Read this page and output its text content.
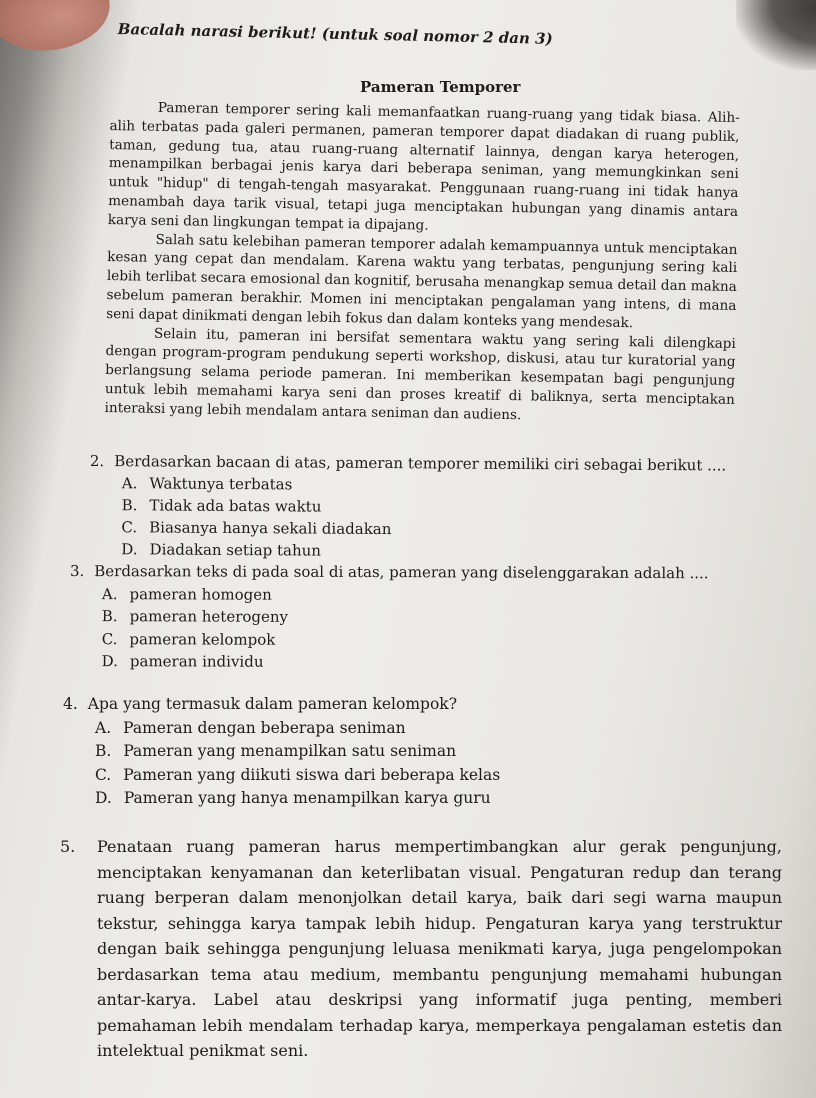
Bacalah narasi berikut! (untuk soal nomor 2 dan 3)
Pameran Temporer

Pameran temporer sering kali memanfaatkan ruang-ruang yang tidak biasa. Alih-alih terbatas pada galeri permanen, pameran temporer dapat diadakan di ruang publik, taman, gedung tua, atau ruang-ruang alternatif lainnya, dengan karya heterogen, menampilkan berbagai jenis karya dari beberapa seniman, yang memungkinkan seni untuk "hidup" di tengah-tengah masyarakat. Penggunaan ruang-ruang ini tidak hanya menambah daya tarik visual, tetapi juga menciptakan hubungan yang dinamis antara karya seni dan lingkungan tempat ia dipajang.

Salah satu kelebihan pameran temporer adalah kemampuannya untuk menciptakan kesan yang cepat dan mendalam. Karena waktu yang terbatas, pengunjung sering kali lebih terlibat secara emosional dan kognitif, berusaha menangkap semua detail dan makna sebelum pameran berakhir. Momen ini menciptakan pengalaman yang intens, di mana seni dapat dinikmati dengan lebih fokus dan dalam konteks yang mendesak.

Selain itu, pameran ini bersifat sementara waktu yang sering kali dilengkapi dengan program-program pendukung seperti workshop, diskusi, atau tur kuratorial yang berlangsung selama periode pameran. Ini memberikan kesempatan bagi pengunjung untuk lebih memahami karya seni dan proses kreatif di baliknya, serta menciptakan interaksi yang lebih mendalam antara seniman dan audiens.

2. Berdasarkan bacaan di atas, pameran temporer memiliki ciri sebagai berikut ....
A. Waktunya terbatas
B. Tidak ada batas waktu
C. Biasanya hanya sekali diadakan
D. Diadakan setiap tahun
3. Berdasarkan teks di pada soal di atas, pameran yang diselenggarakan adalah ....
A. pameran homogen
B. pameran heterogeny
C. pameran kelompok
D. pameran individu
4. Apa yang termasuk dalam pameran kelompok?
A. Pameran dengan beberapa seniman
B. Pameran yang menampilkan satu seniman
C. Pameran yang diikuti siswa dari beberapa kelas
D. Pameran yang hanya menampilkan karya guru
5. Penataan ruang pameran harus mempertimbangkan alur gerak pengunjung, menciptakan kenyamanan dan keterlibatan visual. Pengaturan redup dan terang ruang berperan dalam menonjolkan detail karya, baik dari segi warna maupun tekstur, sehingga karya tampak lebih hidup. Pengaturan karya yang terstruktur dengan baik sehingga pengunjung leluasa menikmati karya, juga pengelompokan berdasarkan tema atau medium, membantu pengunjung memahami hubungan antar-karya. Label atau deskripsi yang informatif juga penting, memberi pemahaman lebih mendalam terhadap karya, memperkaya pengalaman estetis dan intelektual penikmat seni.
